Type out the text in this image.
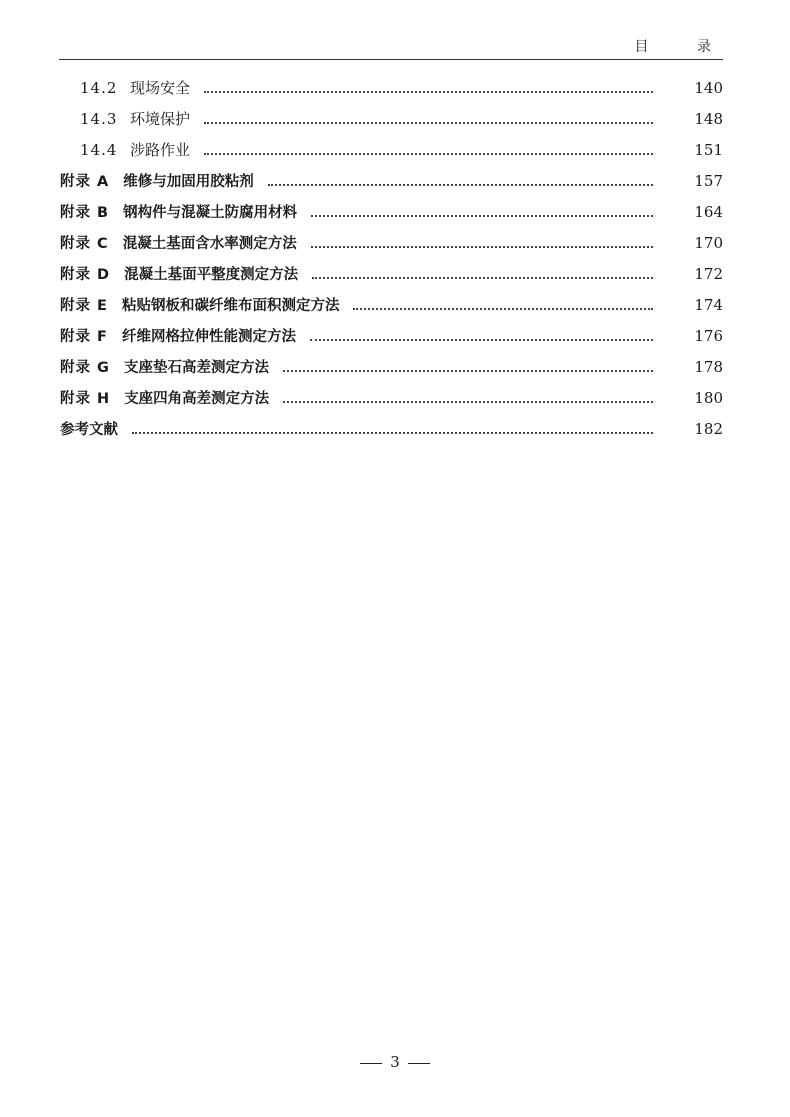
目 录
14.2 现场安全	140
14.3 环境保护	148
14.4 涉路作业	151
附录 A 维修与加固用胶粘剂	157
附录 B 钢构件与混凝土防腐用材料	164
附录 C 混凝土基面含水率测定方法	170
附录 D 混凝土基面平整度测定方法	172
附录 E 粘贴钢板和碳纤维布面积测定方法	174
附录 F 纤维网格拉伸性能测定方法	176
附录 G 支座垫石高差测定方法	178
附录 H 支座四角高差测定方法	180
参考文献	182
3
